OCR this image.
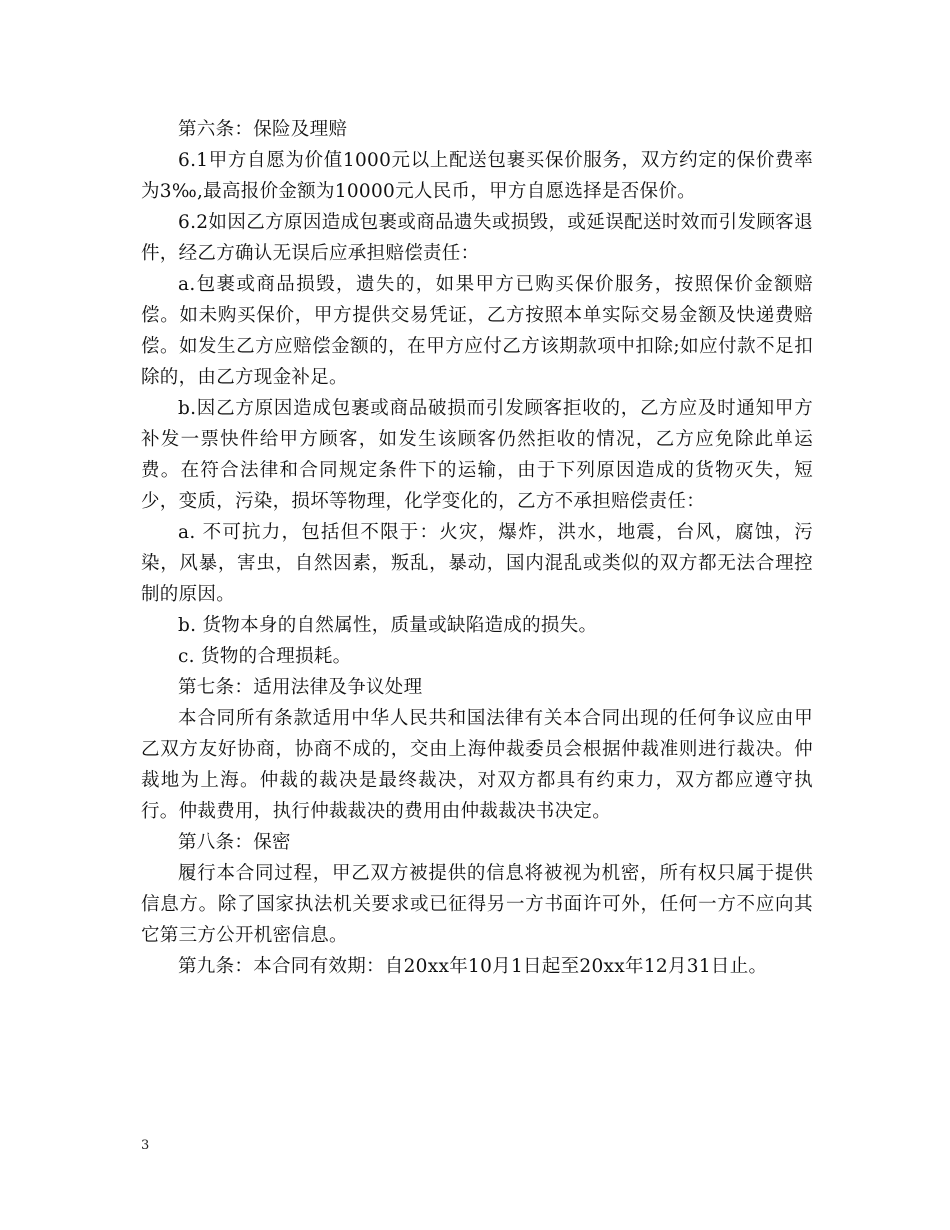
第六条：保险及理赔

6.1甲方自愿为价值1000元以上配送包裹买保价服务，双方约定的保价费率为3‰,最高报价金额为10000元人民币，甲方自愿选择是否保价。

6.2如因乙方原因造成包裹或商品遗失或损毁，或延误配送时效而引发顾客退件，经乙方确认无误后应承担赔偿责任：

a.包裹或商品损毁，遗失的，如果甲方已购买保价服务，按照保价金额赔偿。如未购买保价，甲方提供交易凭证，乙方按照本单实际交易金额及快递费赔偿。如发生乙方应赔偿金额的，在甲方应付乙方该期款项中扣除;如应付款不足扣除的，由乙方现金补足。

b.因乙方原因造成包裹或商品破损而引发顾客拒收的，乙方应及时通知甲方补发一票快件给甲方顾客，如发生该顾客仍然拒收的情况，乙方应免除此单运费。在符合法律和合同规定条件下的运输，由于下列原因造成的货物灭失，短少，变质，污染，损坏等物理，化学变化的，乙方不承担赔偿责任：

a. 不可抗力，包括但不限于：火灾，爆炸，洪水，地震，台风，腐蚀，污染，风暴，害虫，自然因素，叛乱，暴动，国内混乱或类似的双方都无法合理控制的原因。

b. 货物本身的自然属性，质量或缺陷造成的损失。

c. 货物的合理损耗。

第七条：适用法律及争议处理

本合同所有条款适用中华人民共和国法律有关本合同出现的任何争议应由甲乙双方友好协商，协商不成的，交由上海仲裁委员会根据仲裁准则进行裁决。仲裁地为上海。仲裁的裁决是最终裁决，对双方都具有约束力，双方都应遵守执行。仲裁费用，执行仲裁裁决的费用由仲裁裁决书决定。

第八条：保密

履行本合同过程，甲乙双方被提供的信息将被视为机密，所有权只属于提供信息方。除了国家执法机关要求或已征得另一方书面许可外，任何一方不应向其它第三方公开机密信息。

第九条：本合同有效期：自20xx年10月1日起至20xx年12月31日止。

3
